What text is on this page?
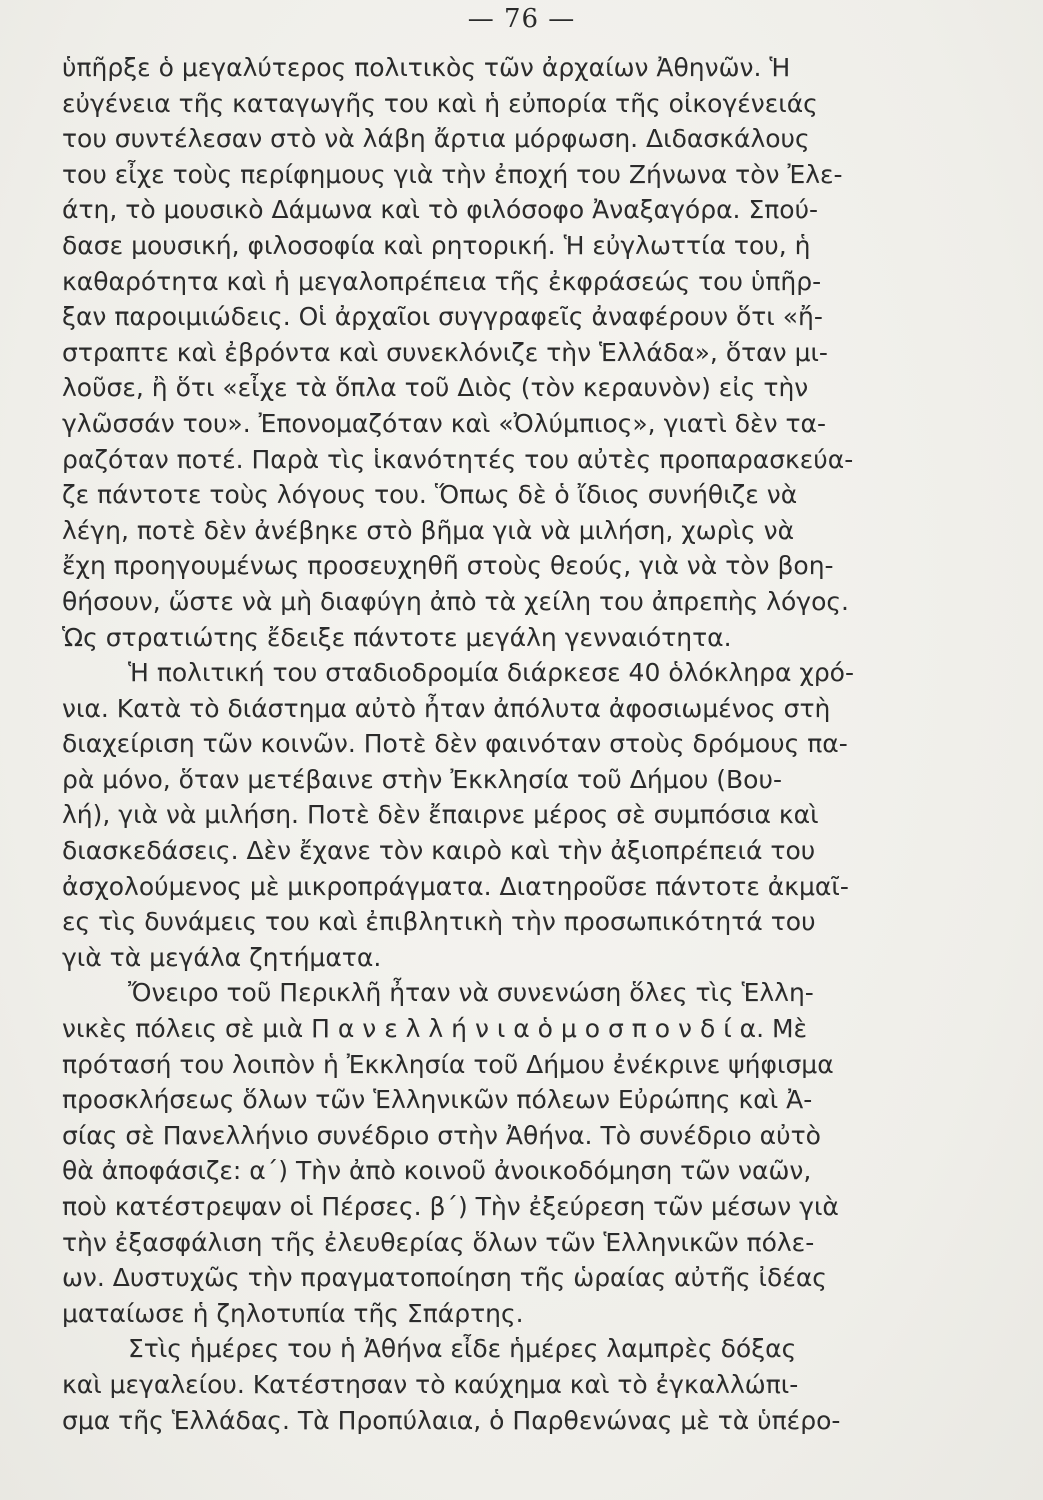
— 76 —
ὑπῆρξε ὁ μεγαλύτερος πολιτικὸς τῶν ἀρχαίων Ἀθηνῶν. Ἡ
εὐγένεια τῆς καταγωγῆς του καὶ ἡ εὐπορία τῆς οἰκογένειάς
του συντέλεσαν στὸ νὰ λάβη ἄρτια μόρφωση. Διδασκάλους
του εἶχε τοὺς περίφημους γιὰ τὴν ἐποχή του Ζήνωνα τὸν Ἐλε-
άτη, τὸ μουσικὸ Δάμωνα καὶ τὸ φιλόσοφο Ἀναξαγόρα. Σπού-
δασε μουσική, φιλοσοφία καὶ ρητορική. Ἡ εὐγλωττία του, ἡ
καθαρότητα καὶ ἡ μεγαλοπρέπεια τῆς ἐκφράσεώς του ὑπῆρ-
ξαν παροιμιώδεις. Οἱ ἀρχαῖοι συγγραφεῖς ἀναφέρουν ὅτι «ἤ-
στραπτε καὶ ἐβρόντα καὶ συνεκλόνιζε τὴν Ἑλλάδα», ὅταν μι-
λοῦσε, ἢ ὅτι «εἶχε τὰ ὅπλα τοῦ Διὸς (τὸν κεραυνὸν) εἰς τὴν
γλῶσσάν του». Ἐπονομαζόταν καὶ «Ὀλύμπιος», γιατὶ δὲν τα-
ραζόταν ποτέ. Παρὰ τὶς ἱκανότητές του αὐτὲς προπαρασκεύα-
ζε πάντοτε τοὺς λόγους του. Ὅπως δὲ ὁ ἴδιος συνήθιζε νὰ
λέγη, ποτὲ δὲν ἀνέβηκε στὸ βῆμα γιὰ νὰ μιλήση, χωρὶς νὰ
ἔχη προηγουμένως προσευχηθῆ στοὺς θεούς, γιὰ νὰ τὸν βοη-
θήσουν, ὥστε νὰ μὴ διαφύγη ἀπὸ τὰ χείλη του ἀπρεπὴς λόγος.
Ὡς στρατιώτης ἔδειξε πάντοτε μεγάλη γενναιότητα.
Ἡ πολιτική του σταδιοδρομία διάρκεσε 40 ὁλόκληρα χρό-
νια. Κατὰ τὸ διάστημα αὐτὸ ἦταν ἀπόλυτα ἀφοσιωμένος στὴ
διαχείριση τῶν κοινῶν. Ποτὲ δὲν φαινόταν στοὺς δρόμους πα-
ρὰ μόνο, ὅταν μετέβαινε στὴν Ἐκκλησία τοῦ Δήμου (Βου-
λή), γιὰ νὰ μιλήση. Ποτὲ δὲν ἔπαιρνε μέρος σὲ συμπόσια καὶ
διασκεδάσεις. Δὲν ἔχανε τὸν καιρὸ καὶ τὴν ἀξιοπρέπειά του
ἀσχολούμενος μὲ μικροπράγματα. Διατηροῦσε πάντοτε ἀκμαῖ-
ες τὶς δυνάμεις του καὶ ἐπιβλητικὴ τὴν προσωπικότητά του
γιὰ τὰ μεγάλα ζητήματα.
Ὄνειρο τοῦ Περικλῆ ἦταν νὰ συνενώση ὅλες τὶς Ἑλλη-
νικὲς πόλεις σὲ μιὰ Π α ν ε λ λ ή ν ι α ὁ μ ο σ π ο ν δ ί α. Μὲ
πρότασή του λοιπὸν ἡ Ἐκκλησία τοῦ Δήμου ἐνέκρινε ψήφισμα
προσκλήσεως ὅλων τῶν Ἑλληνικῶν πόλεων Εὐρώπης καὶ Ἀ-
σίας σὲ Πανελλήνιο συνέδριο στὴν Ἀθήνα. Τὸ συνέδριο αὐτὸ
θὰ ἀποφάσιζε: α΄) Τὴν ἀπὸ κοινοῦ ἀνοικοδόμηση τῶν ναῶν,
ποὺ κατέστρεψαν οἱ Πέρσες. β΄) Τὴν ἐξεύρεση τῶν μέσων γιὰ
τὴν ἐξασφάλιση τῆς ἐλευθερίας ὅλων τῶν Ἑλληνικῶν πόλε-
ων. Δυστυχῶς τὴν πραγματοποίηση τῆς ὡραίας αὐτῆς ἰδέας
ματαίωσε ἡ ζηλοτυπία τῆς Σπάρτης.
Στὶς ἡμέρες του ἡ Ἀθήνα εἶδε ἡμέρες λαμπρὲς δόξας
καὶ μεγαλείου. Κατέστησαν τὸ καύχημα καὶ τὸ ἐγκαλλώπι-
σμα τῆς Ἑλλάδας. Τὰ Προπύλαια, ὁ Παρθενώνας μὲ τὰ ὑπέρο-
